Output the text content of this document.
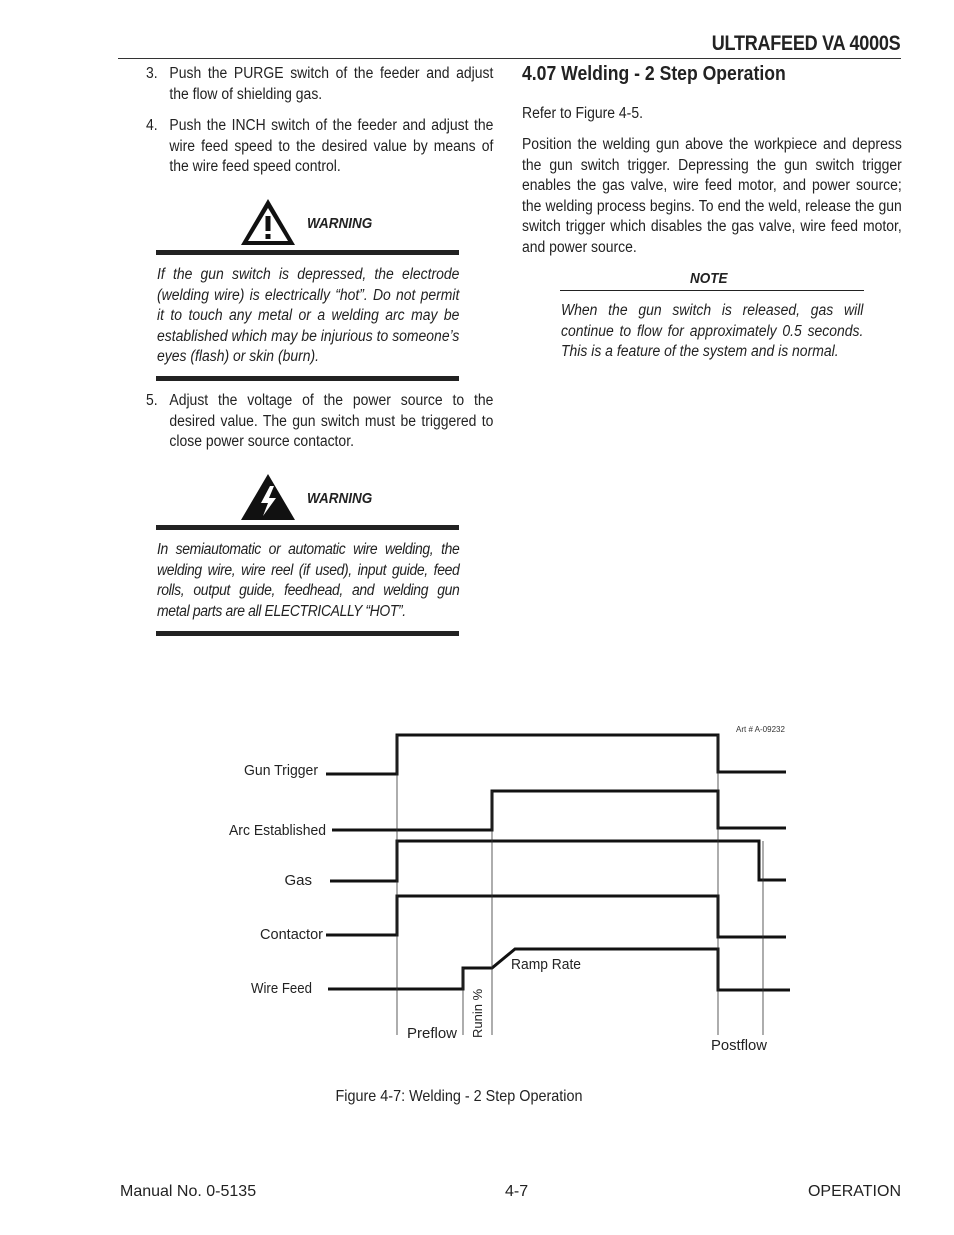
ULTRAFEED VA 4000S
3. Push the PURGE switch of the feeder and adjust the flow of shielding gas.
4. Push the INCH switch of the feeder and adjust the wire feed speed to the desired value by means of the wire feed speed control.
WARNING
If the gun switch is depressed, the electrode (welding wire) is electrically “hot”. Do not permit it to touch any metal or a welding arc may be established which may be injurious to someone’s eyes (flash) or skin (burn).
5. Adjust the voltage of the power source to the desired value. The gun switch must be triggered to close power source contactor.
WARNING
In semiautomatic or automatic wire welding, the welding wire, wire reel (if used), input guide, feed rolls, output guide, feedhead, and welding gun metal parts are all ELECTRICALLY “HOT”.
4.07 Welding - 2 Step Operation
Refer to Figure 4-5.
Position the welding gun above the workpiece and depress the gun switch trigger. Depressing the gun switch trigger enables the gas valve, wire feed motor, and power source; the welding process begins. To end the weld, release the gun switch trigger which disables the gas valve, wire feed motor, and power source.
NOTE
When the gun switch is released, gas will continue to flow for approximately 0.5 seconds. This is a feature of the system and is normal.
Art # A-09232
Gun Trigger
Arc Established
Gas
Contactor
Wire Feed
Ramp Rate
Preflow Runin %
Postflow
Figure 4-7: Welding - 2 Step Operation
Manual No. 0-5135	4-7	OPERATION
